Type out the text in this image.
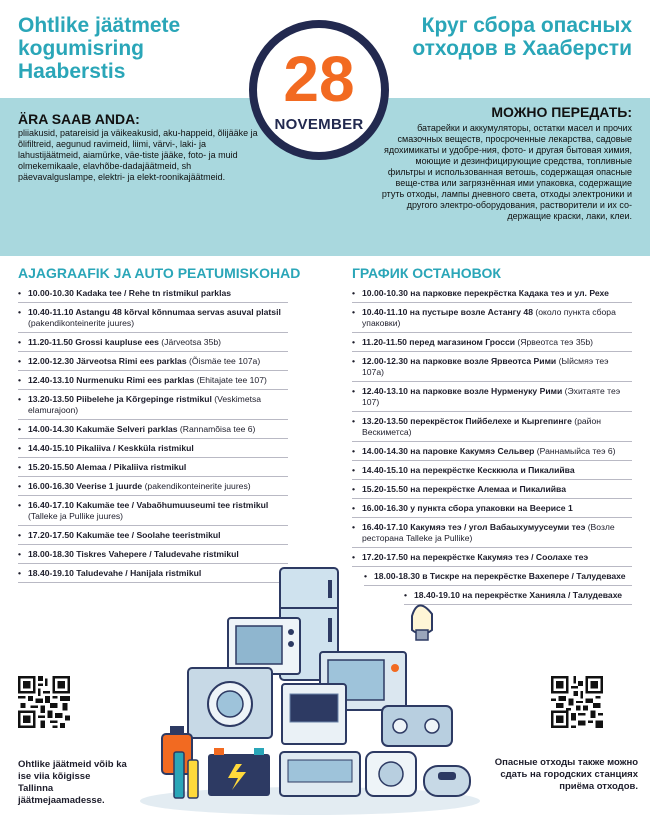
Ohtlike jäätmete kogumisring Haaberstis
Круг сбора опасных отходов в Хааберсти
ÄRA SAAB ANDA:
pliiakusid, patareisid ja väikeakusid, aku-happeid, õlijääke ja õlifiltreid, aegunud ravimeid, liimi, värvi-, laki- ja lahustijäätmeid, aiamürke, väe-tiste jääke, foto- ja muid olmekemikaale, elavhõbe-dadajäätmeid, sh päevavalguslampe, elektri- ja elekt-roonikajäätmeid.
МОЖНО ПЕРЕДАТЬ:
батарейки и аккумуляторы, остатки масел и прочих смазочных веществ, просроченные лекарства, садовые ядохимикаты и удобре-ния, фото- и другая бытовая химия, моющие и дезинфицирующие средства, топливные фильтры и использованная ветошь, содержащая опасные веще-ства или загрязнённая ими упаковка, содержащие ртуть отходы, лампы дневного света, отходы электроники и другого электро-оборудования, растворители и их со-держащие краски, лаки, клеи.
28
NOVEMBER
AJAGRAAFIK JA AUTO PEATUMISKOHAD
• 10.00-10.30 Kadaka tee / Rehe tn ristmikul parklas
• 10.40-11.10 Astangu 48 kõrval kõnnumaa servas asuval platsil (pakendikonteinerite juures)
• 11.20-11.50 Grossi kaupluse ees (Järveotsa 35b)
• 12.00-12.30 Järveotsa Rimi ees parklas (Õismäe tee 107a)
• 12.40-13.10 Nurmenuku Rimi ees parklas (Ehitajate tee 107)
• 13.20-13.50 Piibelehe ja Kõrgepinge ristmikul (Veskimetsa elamurajoon)
• 14.00-14.30 Kakumäe Selveri parklas (Rannamõisa tee 6)
• 14.40-15.10 Pikaliiva / Keskküla ristmikul
• 15.20-15.50 Alemaa / Pikaliiva ristmikul
• 16.00-16.30 Veerise 1 juurde (pakendikonteinerite juures)
• 16.40-17.10 Kakumäe tee / Vabaõhumuuseumi tee ristmikul (Talleke ja Pullike juures)
• 17.20-17.50 Kakumäe tee / Soolahe teeristmikul
• 18.00-18.30 Tiskres Vahepere / Taludevahe ristmikul
• 18.40-19.10 Taludevahe / Hanijala ristmikul
ГРАФИК ОСТАНОВОК
• 10.00-10.30 на парковке перекрёстка Кадака теэ и ул. Рехе
• 10.40-11.10 на пустыре возле Астангу 48 (около пункта сбора упаковки)
• 11.20-11.50 перед магазином Гросси (Ярвеотса теэ 35b)
• 12.00-12.30 на парковке возле Ярвеотса Рими (Ыйсмяэ теэ 107a)
• 12.40-13.10 на парковке возле Нурменуку Рими (Эхитаятe теэ 107)
• 13.20-13.50 перекрёсток Пийбелехе и Кыргепинге (район Вескиметса)
• 14.00-14.30 на паровке Какумяэ Сельвер (Раннамыйса теэ 6)
• 14.40-15.10 на перекрёстке Кесккюла и Пикалийва
• 15.20-15.50 на перекрёстке Алемаа и Пикалийва
• 16.00-16.30 у пункта сбора упаковки на Веерисе 1
• 16.40-17.10 Какумяэ теэ / угол Вабаыхумуусеуми теэ (Возле ресторана Talleke ja Pullike)
• 17.20-17.50 на перекрёстке Какумяэ теэ / Соолахе теэ
• 18.00-18.30 в Тискре на перекрёстке Вахепере / Талудевахе
• 18.40-19.10 на перекрёстке Ханияла / Талудевахе
Ohtlike jäätmeid võib ka ise viia kõigisse Tallinna jäätmejaamadesse.
Опасные отходы также можно сдать на городских станциях приёма отходов.
